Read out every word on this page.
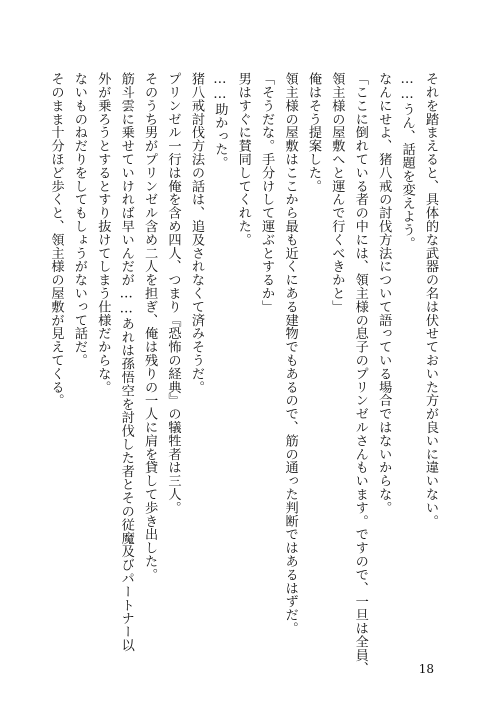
それを踏まえると、具体的な武器の名は伏せておいた方が良いに違いない。
……うん、話題を変えよう。
なんにせよ、猪八戒の討伐方法について語っている場合ではないからな。
「ここに倒れている者の中には、領主様の息子のプリンゼルさんもいます。ですので、一旦は全員、
領主様の屋敷へと運んで行くべきかと」
俺はそう提案した。
領主様の屋敷はここから最も近くにある建物でもあるので、筋の通った判断ではあるはずだ。
「そうだな。手分けして運ぶとするか」
男はすぐに賛同してくれた。
……助かった。
猪八戒討伐方法の話は、追及されなくて済みそうだ。
プリンゼル一行は俺を含め四人、つまり『恐怖の経典』の犠牲者は三人。
そのうち男がプリンゼル含め二人を担ぎ、俺は残りの一人に肩を貸して歩き出した。
筋斗雲に乗せていければ早いんだが……あれは孫悟空を討伐した者とその従魔及びパートナー以
外が乗ろうとするとすり抜けてしまう仕様だからな。
ないものねだりをしてもしょうがないって話だ。
そのまま十分ほど歩くと、領主様の屋敷が見えてくる。
18
